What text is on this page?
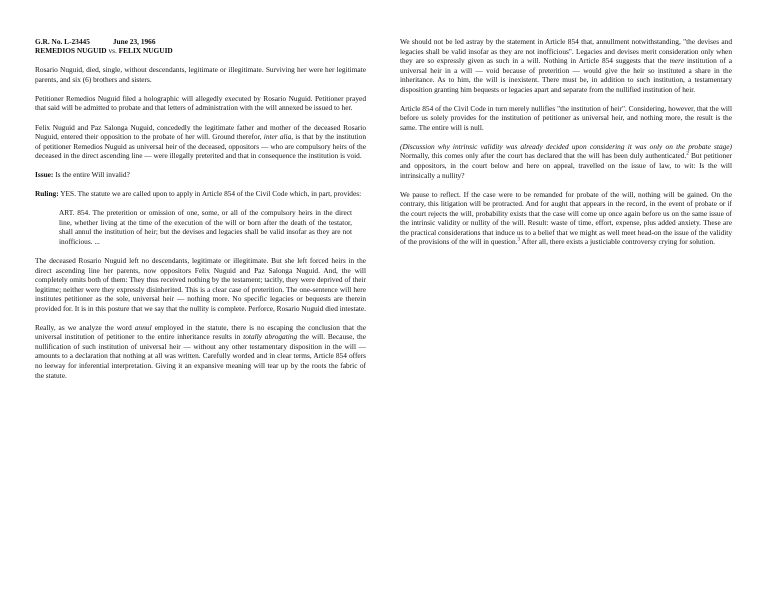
G.R. No. L-23445	June 23, 1966
REMEDIOS NUGUID vs. FELIX NUGUID

Rosario Nuguid, died, single, without descendants, legitimate or illegitimate. Surviving her were her legitimate parents, and six (6) brothers and sisters.

Petitioner Remedios Nuguid filed a holographic will allegedly executed by Rosario Nuguid. Petitioner prayed that said will be admitted to probate and that letters of administration with the will annexed be issued to her.

Felix Nuguid and Paz Salonga Nuguid, concededly the legitimate father and mother of the deceased Rosario Nuguid, entered their opposition to the probate of her will. Ground therefor, inter alia, is that by the institution of petitioner Remedios Nuguid as universal heir of the deceased, oppositors — who are compulsory heirs of the deceased in the direct ascending line — were illegally preterited and that in consequence the institution is void.

Issue: Is the entire Will invalid?

Ruling: YES. The statute we are called upon to apply in Article 854 of the Civil Code which, in part, provides:

ART. 854. The preterition or omission of one, some, or all of the compulsory heirs in the direct line, whether living at the time of the execution of the will or born after the death of the testator, shall annul the institution of heir; but the devises and legacies shall be valid insofar as they are not inofficious. ...

The deceased Rosario Nuguid left no descendants, legitimate or illegitimate. But she left forced heirs in the direct ascending line her parents, now oppositors Felix Nuguid and Paz Salonga Nuguid. And, the will completely omits both of them: They thus received nothing by the testament; tacitly, they were deprived of their legitime; neither were they expressly disinherited. This is a clear case of preterition. The one-sentence will here institutes petitioner as the sole, universal heir — nothing more. No specific legacies or bequests are therein provided for. It is in this posture that we say that the nullity is complete. Perforce, Rosario Nuguid died intestate.

Really, as we analyze the word annul employed in the statute, there is no escaping the conclusion that the universal institution of petitioner to the entire inheritance results in totally abrogating the will. Because, the nullification of such institution of universal heir — without any other testamentary disposition in the will — amounts to a declaration that nothing at all was written. Carefully worded and in clear terms, Article 854 offers no leeway for inferential interpretation. Giving it an expansive meaning will tear up by the roots the fabric of the statute.

We should not be led astray by the statement in Article 854 that, annullment notwithstanding, "the devises and legacies shall be valid insofar as they are not inofficious". Legacies and devises merit consideration only when they are so expressly given as such in a will. Nothing in Article 854 suggests that the mere institution of a universal heir in a will — void because of preterition — would give the heir so instituted a share in the inheritance. As to him, the will is inexistent. There must be, in addition to such institution, a testamentary disposition granting him bequests or legacies apart and separate from the nullified institution of heir.

Article 854 of the Civil Code in turn merely nullifies "the institution of heir". Considering, however, that the will before us solely provides for the institution of petitioner as universal heir, and nothing more, the result is the same. The entire will is null.

(Discussion why intrinsic validity was already decided upon considering it was only on the probate stage) Normally, this comes only after the court has declared that the will has been duly authenticated.$^2$ But petitioner and oppositors, in the court below and here on appeal, travelled on the issue of law, to wit: Is the will intrinsically a nullity?

We pause to reflect. If the case were to be remanded for probate of the will, nothing will be gained. On the contrary, this litigation will be protracted. And for aught that appears in the record, in the event of probate or if the court rejects the will, probability exists that the case will come up once again before us on the same issue of the intrinsic validity or nullity of the will. Result: waste of time, effort, expense, plus added anxiety. These are the practical considerations that induce us to a belief that we might as well meet head-on the issue of the validity of the provisions of the will in question.$^3$ After all, there exists a justiciable controversy crying for solution.
